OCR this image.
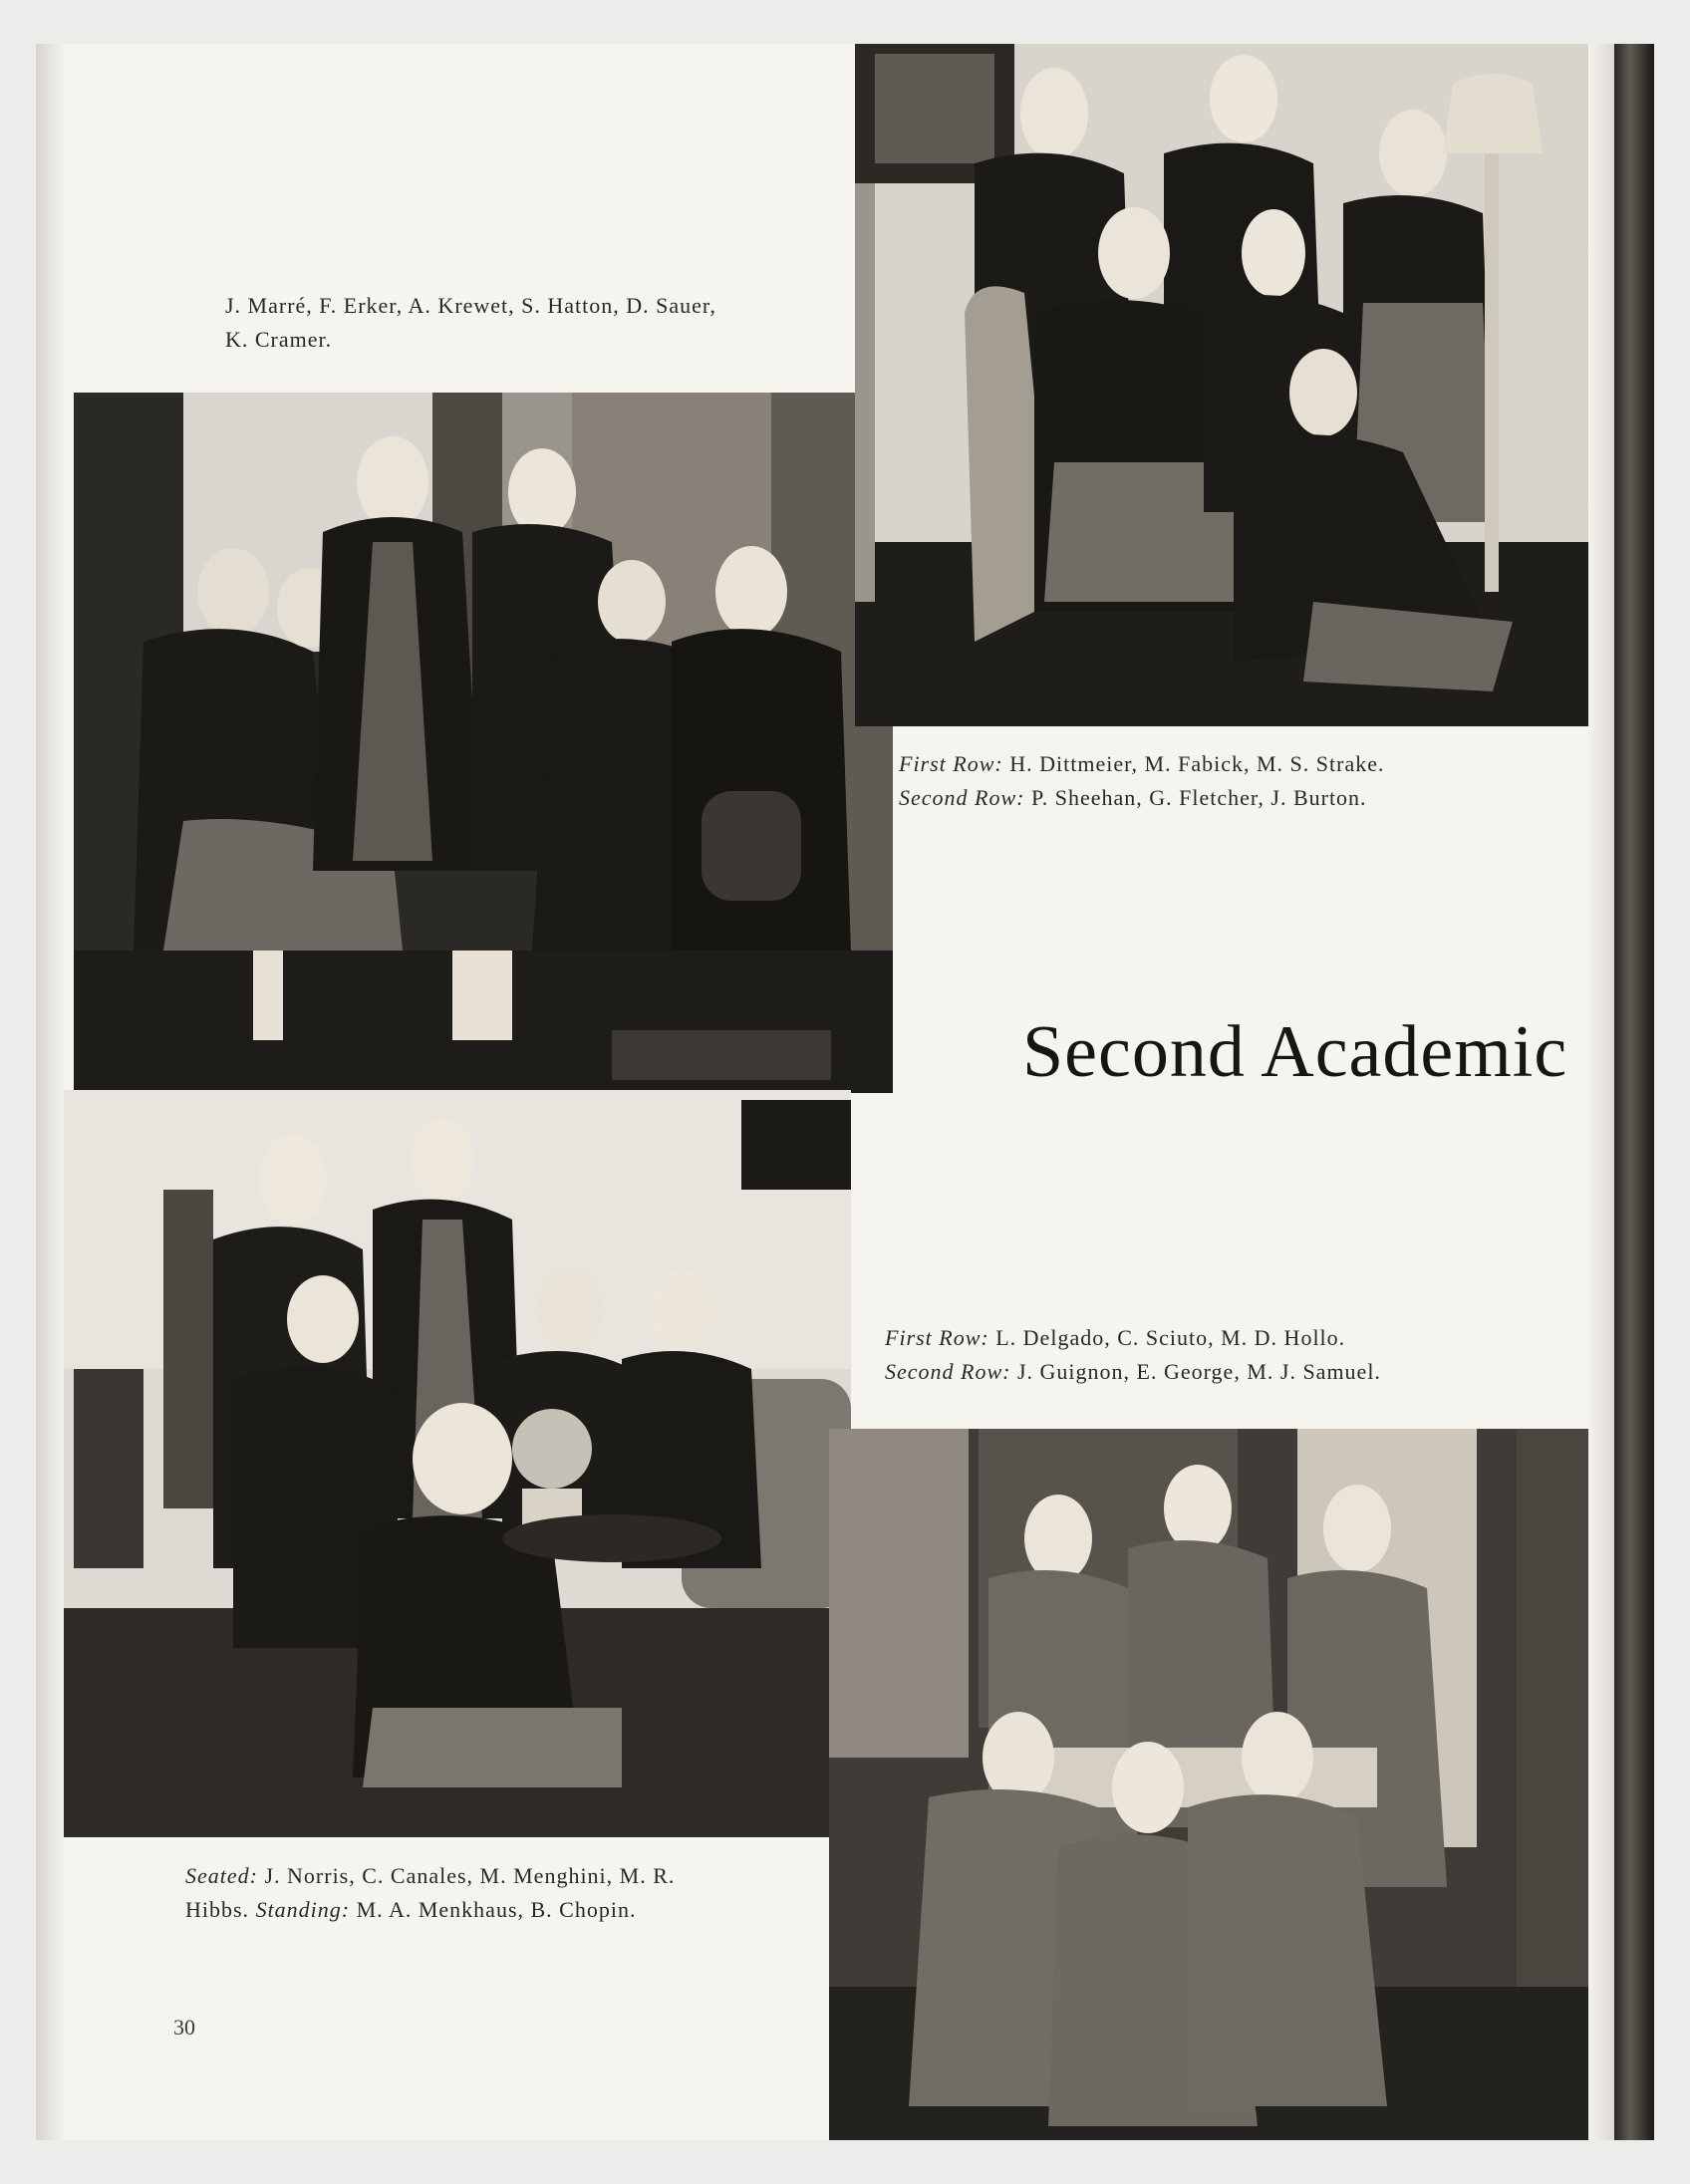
J. Marré, F. Erker, A. Krewet, S. Hatton, D. Sauer,
K. Cramer.
Seated: J. Norris, C. Canales, M. Menghini, M. R.
Hibbs. Standing: M. A. Menkhaus, B. Chopin.
30
First Row: H. Dittmeier, M. Fabick, M. S. Strake.
Second Row: P. Sheehan, G. Fletcher, J. Burton.
Second Academic
First Row: L. Delgado, C. Sciuto, M. D. Hollo.
Second Row: J. Guignon, E. George, M. J. Samuel.
